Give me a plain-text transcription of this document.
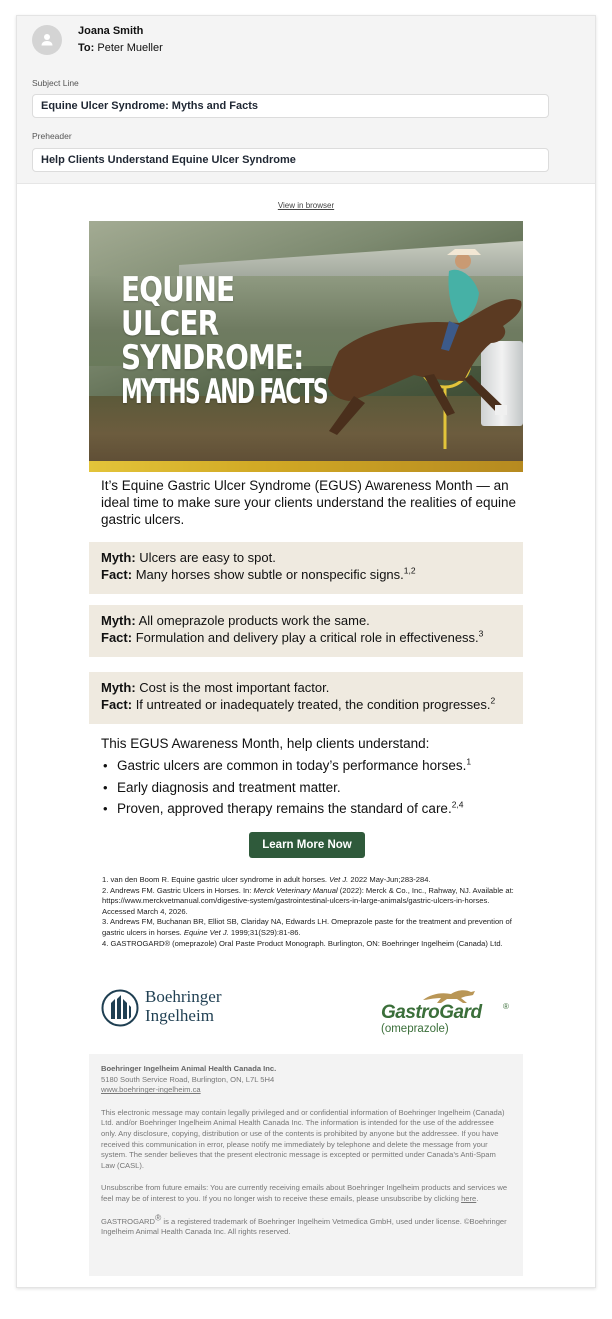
Joana Smith
To: Peter Mueller
Subject Line
Equine Ulcer Syndrome: Myths and Facts
Preheader
Help Clients Understand Equine Ulcer Syndrome
View in browser
EQUINE
ULCER
SYNDROME:
MYTHS AND FACTS
It’s Equine Gastric Ulcer Syndrome (EGUS) Awareness Month — an ideal time to make sure your clients understand the realities of equine gastric ulcers.
Myth: Ulcers are easy to spot.
Fact: Many horses show subtle or nonspecific signs.$^{1,2}$
Myth: All omeprazole products work the same.
Fact: Formulation and delivery play a critical role in effectiveness.$^3$
Myth: Cost is the most important factor.
Fact: If untreated or inadequately treated, the condition progresses.$^2$
This EGUS Awareness Month, help clients understand:
• Gastric ulcers are common in today’s performance horses.$^1$
• Early diagnosis and treatment matter.
• Proven, approved therapy remains the standard of care.$^{2,4}$
Learn More Now

1. van den Boom R. Equine gastric ulcer syndrome in adult horses. Vet J. 2022 May-Jun;283-284.

2. Andrews FM. Gastric Ulcers in Horses. In: Merck Veterinary Manual (2022): Merck & Co., Inc., Rahway, NJ. Available at: https://www.merckvetmanual.com/digestive-system/gastrointestinal-ulcers-in-large-animals/gastric-ulcers-in-horses. Accessed March 4, 2026.

3. Andrews FM, Buchanan BR, Elliot SB, Clariday NA, Edwards LH. Omeprazole paste for the treatment and prevention of gastric ulcers in horses. Equine Vet J. 1999;31(S29):81-86.

4. GASTROGARD® (omeprazole) Oral Paste Product Monograph. Burlington, ON: Boehringer Ingelheim (Canada) Ltd.

Boehringer
Ingelheim	GastroGard	®
(omeprazole)
Boehringer Ingelheim Animal Health Canada Inc.
5180 South Service Road, Burlington, ON, L7L 5H4
www.boehringer-ingelheim.ca
This electronic message may contain legally privileged and or confidential information of Boehringer Ingelheim (Canada) Ltd. and/or Boehringer Ingelheim Animal Health Canada Inc. The information is intended for the use of the addressee only. Any disclosure, copying, distribution or use of the contents is prohibited by anyone but the addressee. If you have received this communication in error, please notify me immediately by telephone and delete the message from your system. The sender believes that the present electronic message is excepted or permitted under Canada’s Anti-Spam Law (CASL).
Unsubscribe from future emails: You are currently receiving emails about Boehringer Ingelheim products and services we feel may be of interest to you. If you no longer wish to receive these emails, please unsubscribe by clicking here.
GASTROGARD® is a registered trademark of Boehringer Ingelheim Vetmedica GmbH, used under license. ©Boehringer Ingelheim Animal Health Canada Inc. All rights reserved.
